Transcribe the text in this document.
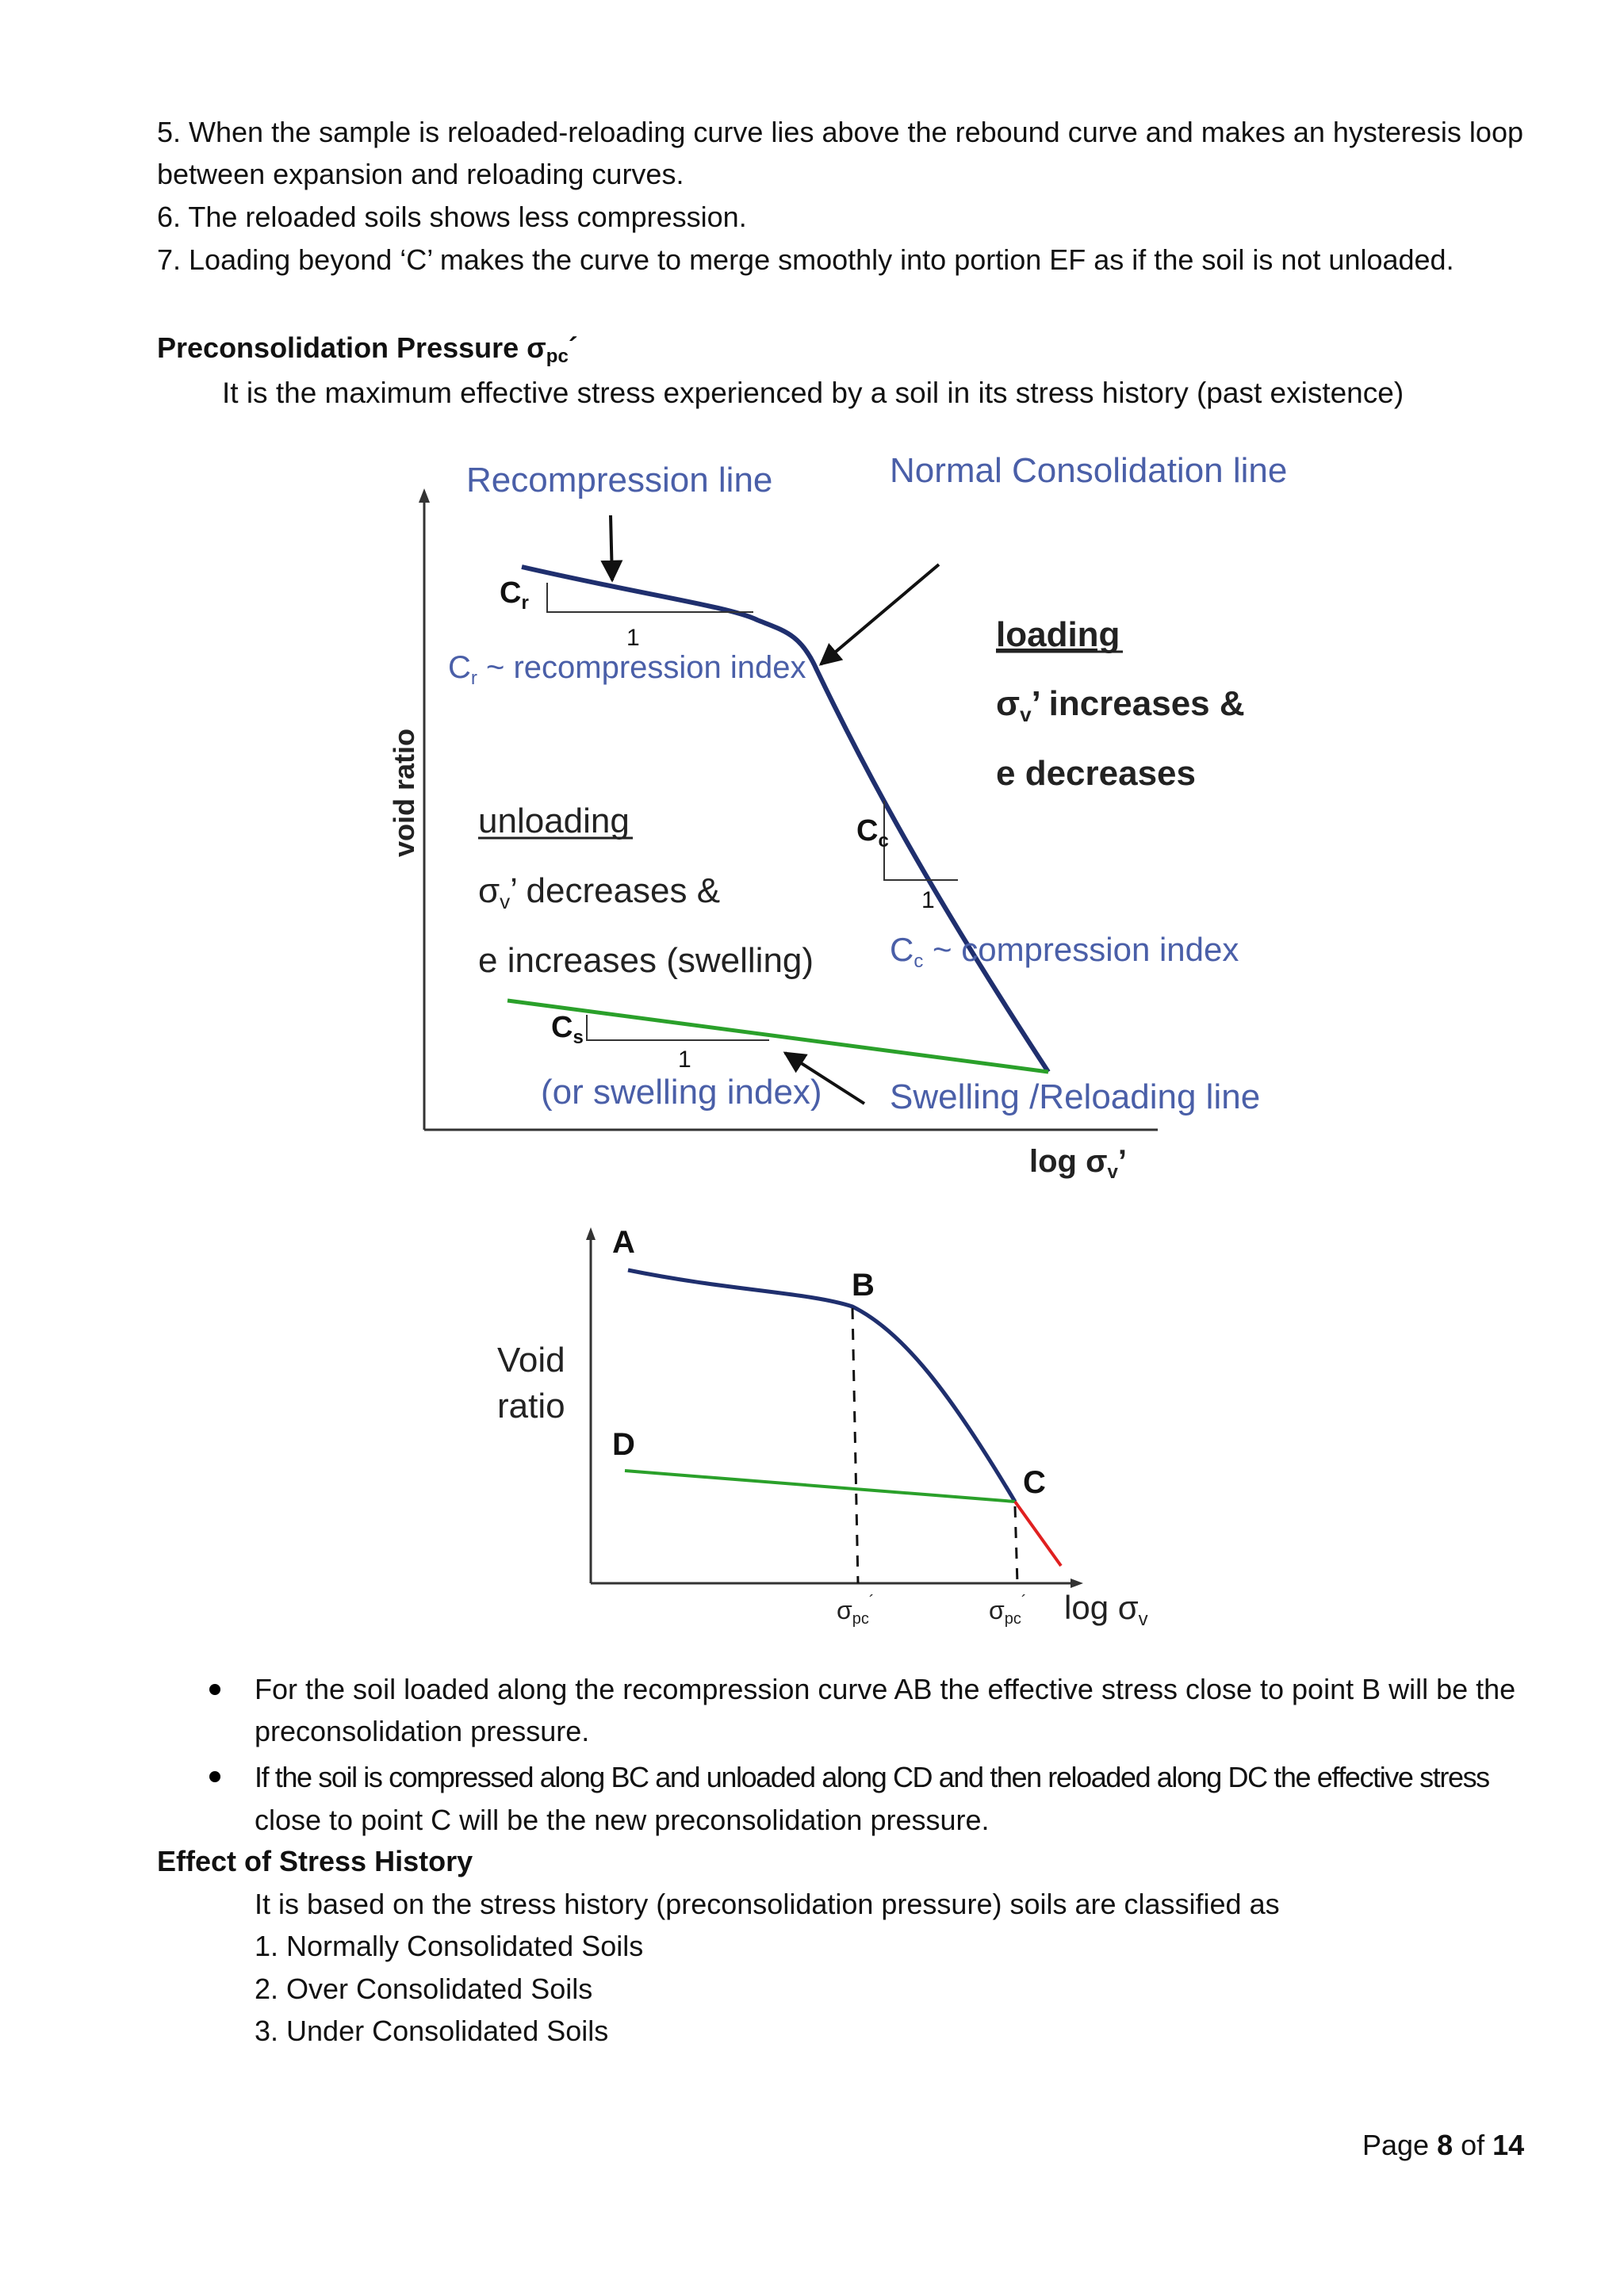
5. When the sample is reloaded-reloading curve lies above the rebound curve and makes an hysteresis loop
between expansion and reloading curves.
6. The reloaded soils shows less compression.
7. Loading beyond ‘C’ makes the curve to merge smoothly into portion EF as if the soil is not unloaded.
Preconsolidation Pressure $\sigma_{pc}´$
It is the maximum effective stress experienced by a soil in its stress history (past existence)
Recompression line	Normal Consolidation line
void ratio
$C_r$
1
$C_r$ ~ recompression index
loading
σv’ increases &
e decreases
unloading
σv’ decreases &
e increases (swelling)
$C_c$
1
Cc ~ compression index
$C_s$
1
(or swelling index) Swelling /Reloading line
$\log \sigma_v$’
A
B
C
D
Void
ratio
σpc´	σpc´ log σv
For the soil loaded along the recompression curve AB the effective stress close to point B will be the
preconsolidation pressure.
If the soil is compressed along BC and unloaded along CD and then reloaded along DC the effective stress
close to point C will be the new preconsolidation pressure.
Effect of Stress History
It is based on the stress history (preconsolidation pressure) soils are classified as
1. Normally Consolidated Soils
2. Over Consolidated Soils
3. Under Consolidated Soils
Page 8 of 14
